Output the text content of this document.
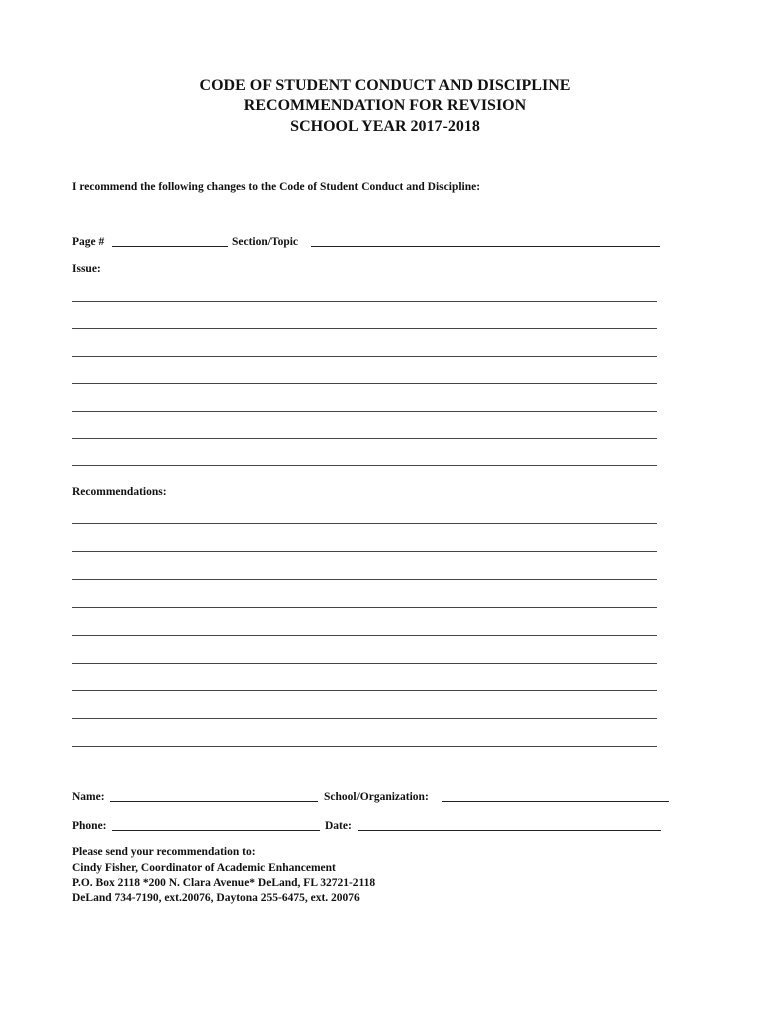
CODE OF STUDENT CONDUCT AND DISCIPLINE
RECOMMENDATION FOR REVISION
SCHOOL YEAR 2017-2018
I recommend the following changes to the Code of Student Conduct and Discipline:
Page #	Section/Topic
Issue:
Recommendations:
Name:	School/Organization:
Phone:	Date:
Please send your recommendation to:
Cindy Fisher, Coordinator of Academic Enhancement
P.O. Box 2118 *200 N. Clara Avenue* DeLand, FL 32721-2118
DeLand 734-7190, ext.20076, Daytona 255-6475, ext. 20076
